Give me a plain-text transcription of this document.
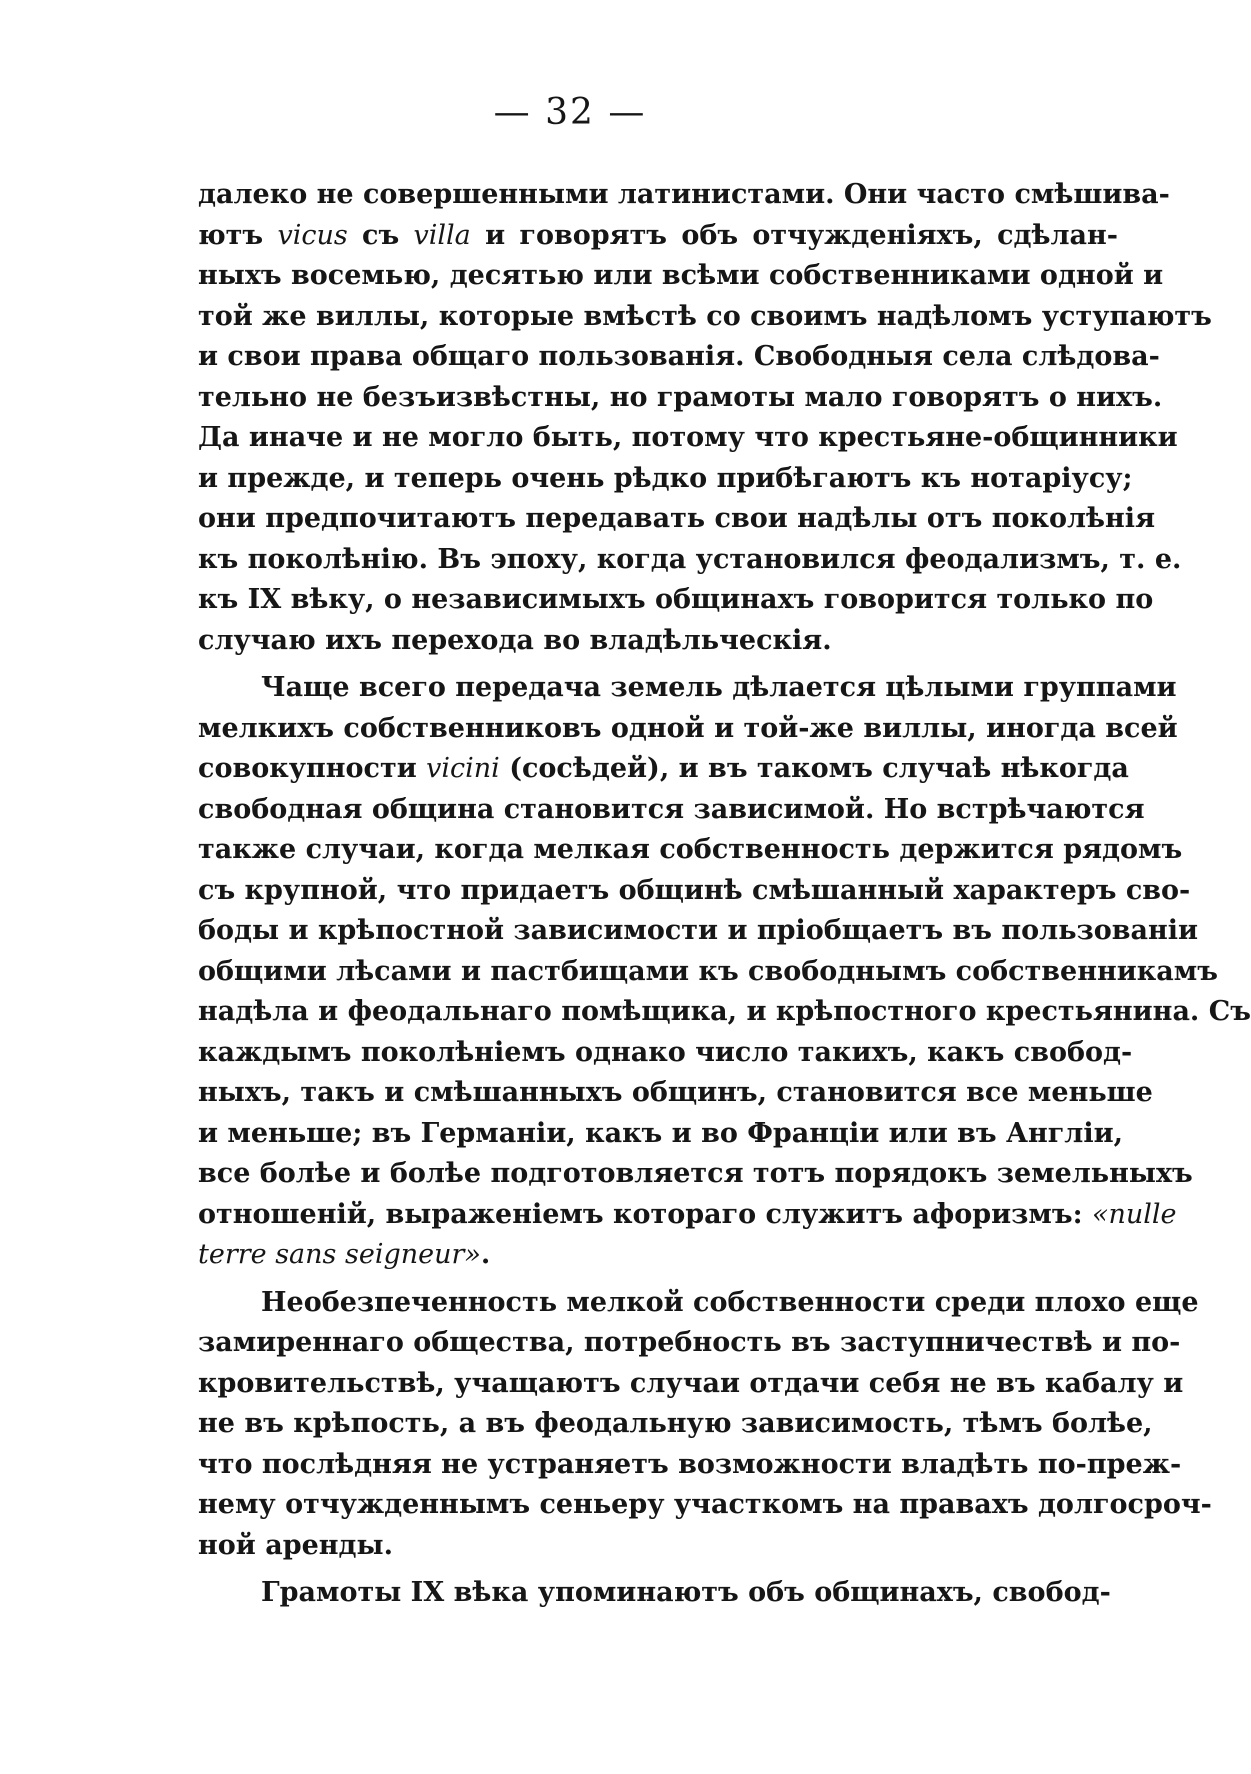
— 32 —
далеко не совершенными латинистами. Они часто смѣшива-
ютъ vicus съ villa и говорятъ объ отчужденіяхъ, сдѣлан-
ныхъ восемью, десятью или всѣми собственниками одной и
той же виллы, которые вмѣстѣ со своимъ надѣломъ уступаютъ
и свои права общаго пользованія. Свободныя села слѣдова-
тельно не безъизвѣстны, но грамоты мало говорятъ о нихъ.
Да иначе и не могло быть, потому что крестьяне-общинники
и прежде, и теперь очень рѣдко прибѣгаютъ къ нотаріусу;
они предпочитаютъ передавать свои надѣлы отъ поколѣнія
къ поколѣнію. Въ эпоху, когда установился феодализмъ, т. е.
къ IX вѣку, о независимыхъ общинахъ говорится только по
случаю ихъ перехода во владѣльческія.
Чаще всего передача земель дѣлается цѣлыми группами
мелкихъ собственниковъ одной и той-же виллы, иногда всей
совокупности vicini (сосѣдей), и въ такомъ случаѣ нѣкогда
свободная община становится зависимой. Но встрѣчаются
также случаи, когда мелкая собственность держится рядомъ
съ крупной, что придаетъ общинѣ смѣшанный характеръ сво-
боды и крѣпостной зависимости и пріобщаетъ въ пользованіи
общими лѣсами и пастбищами къ свободнымъ собственникамъ
надѣла и феодальнаго помѣщика, и крѣпостного крестьянина. Съ
каждымъ поколѣніемъ однако число такихъ, какъ свобод-
ныхъ, такъ и смѣшанныхъ общинъ, становится все меньше
и меньше; въ Германіи, какъ и во Франціи или въ Англіи,
все болѣе и болѣе подготовляется тотъ порядокъ земельныхъ
отношеній, выраженіемъ котораго служитъ афоризмъ: «nulle
terre sans seigneur».
Необезпеченность мелкой собственности среди плохо еще
замиреннаго общества, потребность въ заступничествѣ и по-
кровительствѣ, учащаютъ случаи отдачи себя не въ кабалу и
не въ крѣпость, а въ феодальную зависимость, тѣмъ болѣе,
что послѣдняя не устраняетъ возможности владѣть по-преж-
нему отчужденнымъ сеньеру участкомъ на правахъ долгосроч-
ной аренды.
Грамоты IX вѣка упоминаютъ объ общинахъ, свобод-
